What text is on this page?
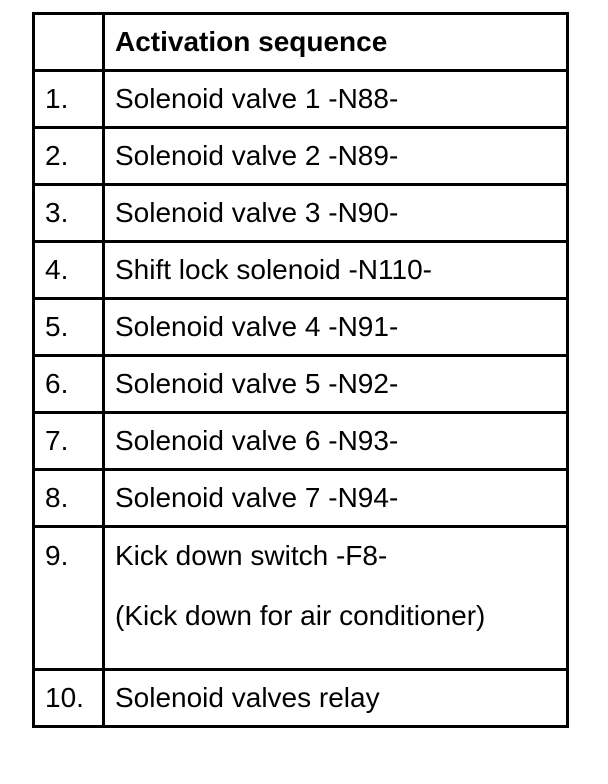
	Activation sequence
1.	Solenoid valve 1 -N88-
2.	Solenoid valve 2 -N89-
3.	Solenoid valve 3 -N90-
4.	Shift lock solenoid -N110-
5.	Solenoid valve 4 -N91-
6.	Solenoid valve 5 -N92-
7.	Solenoid valve 6 -N93-
8.	Solenoid valve 7 -N94-
9.	Kick down switch -F8-
(Kick down for air conditioner)

10.	Solenoid valves relay
